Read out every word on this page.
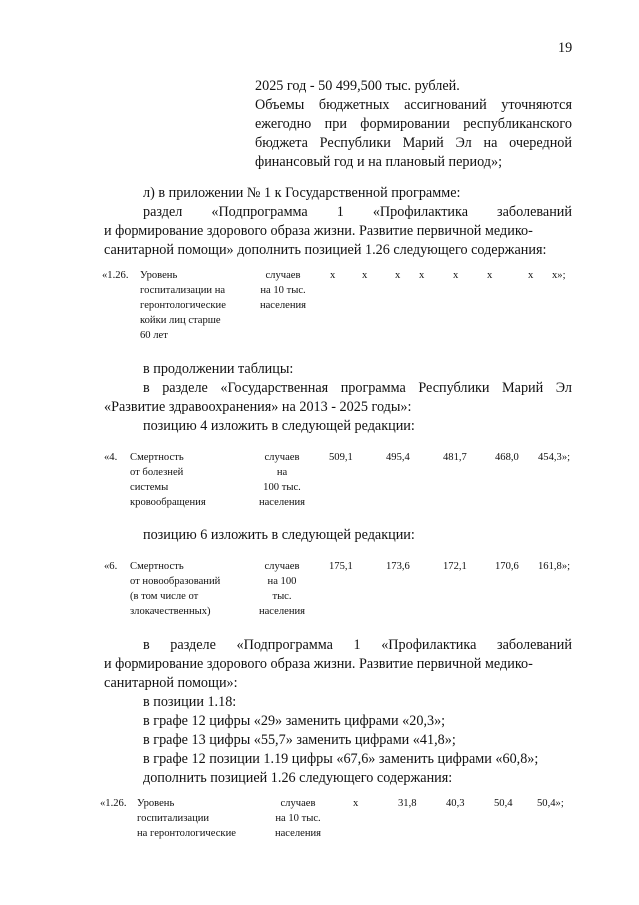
19
2025 год - 50 499,500 тыс. рублей.
Объемы бюджетных ассигнований уточняются
ежегодно при формировании республиканского
бюджета Республики Марий Эл на очередной
финансовый год и на плановый период»;
л) в приложении № 1 к Государственной программе:
раздел «Подпрограмма 1 «Профилактика заболеваний
и формирование здорового образа жизни. Развитие первичной медико-
санитарной помощи» дополнить позицией 1.26 следующего содержания:
«1.26. Уровень
госпитализации на
геронтологические
койки лиц старше
60 лет
случаев
на 10 тыс.
населения
х	х	х х	х	х	х х»;
в продолжении таблицы:
в разделе «Государственная программа Республики Марий Эл
«Развитие здравоохранения» на 2013 - 2025 годы»:
позицию 4 изложить в следующей редакции:
«4. Смертность
от болезней
системы
кровообращения
случаев
на
100 тыс.
населения
509,1	495,4	481,7	468,0 454,3»;
позицию 6 изложить в следующей редакции:
«6. Смертность
от новообразований
(в том числе от
злокачественных)
случаев
на 100
тыс.
населения
175,1	173,6	172,1	170,6 161,8»;
в разделе «Подпрограмма 1 «Профилактика заболеваний
и формирование здорового образа жизни. Развитие первичной медико-
санитарной помощи»:
в позиции 1.18:
в графе 12 цифры «29» заменить цифрами «20,3»;
в графе 13 цифры «55,7» заменить цифрами «41,8»;
в графе 12 позиции 1.19 цифры «67,6» заменить цифрами «60,8»;
дополнить позицией 1.26 следующего содержания:
«1.26. Уровень
госпитализации
на геронтологические
случаев
на 10 тыс.
населения
х	31,8	40,3	50,4 50,4»;
